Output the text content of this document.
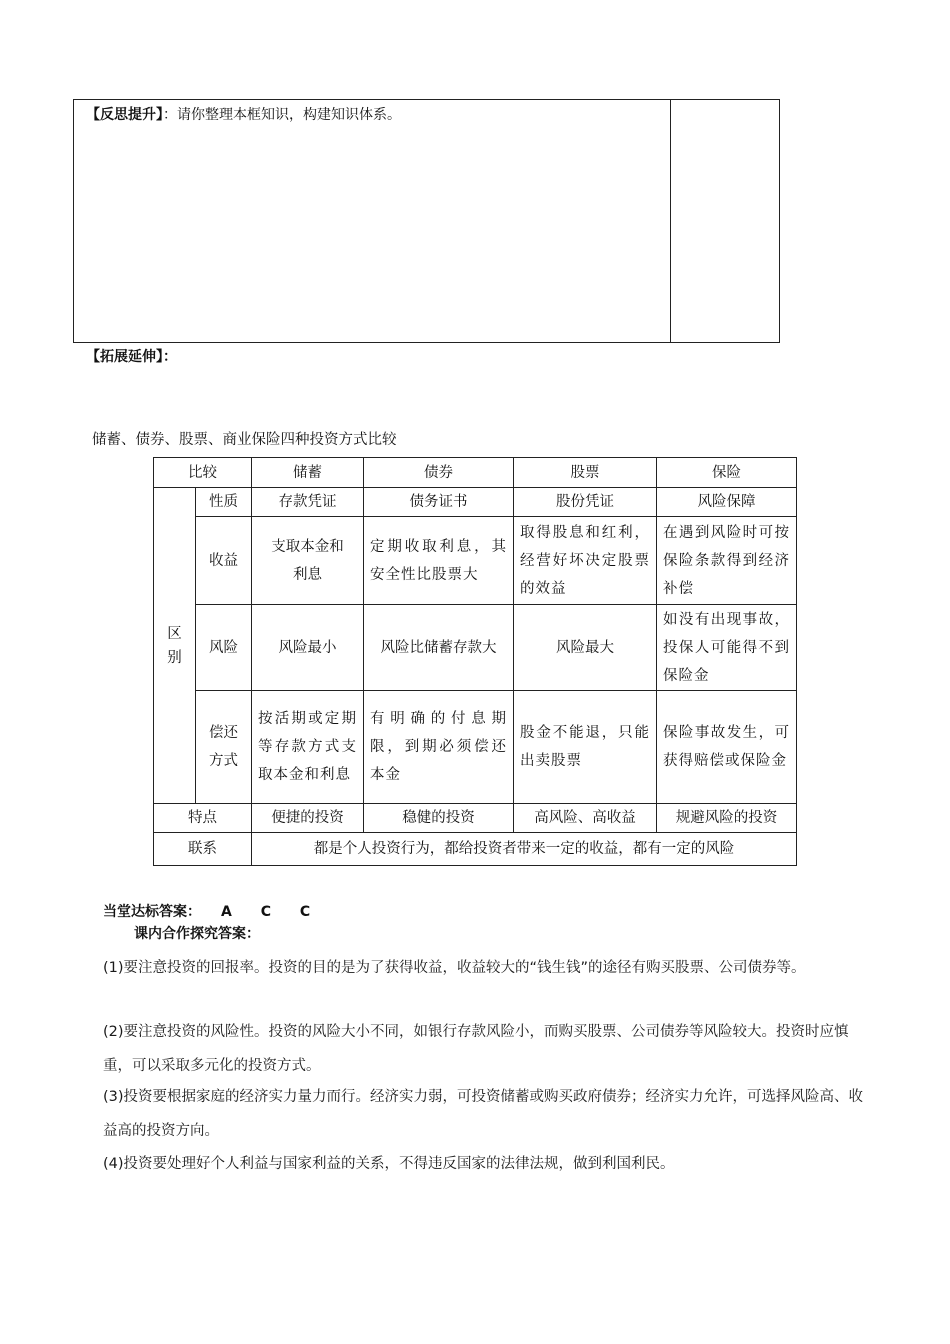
【反思提升】：请你整理本框知识，构建知识体系。
【拓展延伸】：
储蓄、债券、股票、商业保险四种投资方式比较
比较		储蓄	债券	股票	保险
区
别	性质	存款凭证	债务证书	股份凭证	风险保障
	收益	支取本金和利息	定期收取利息，其安全性比股票大	取得股息和红利，经营好坏决定股票的效益	在遇到风险时可按保险条款得到经济补偿
	风险	风险最小	风险比储蓄存款大	风险最大	如没有出现事故，投保人可能得不到保险金
	偿还方式	按活期或定期等存款方式支取本金和利息	有明确的付息期限，到期必须偿还本金	股金不能退，只能出卖股票	保险事故发生，可获得赔偿或保险金
特点		便捷的投资	稳健的投资	高风险、高收益	规避风险的投资
联系		都是个人投资行为，都给投资者带来一定的收益，都有一定的风险			
当堂达标答案： A C C
课内合作探究答案：
(1)要注意投资的回报率。投资的目的是为了获得收益，收益较大的“钱生钱”的途径有购买股票、公司债券等。
(2)要注意投资的风险性。投资的风险大小不同，如银行存款风险小，而购买股票、公司债券等风险较大。投资时应慎重，可以采取多元化的投资方式。
(3)投资要根据家庭的经济实力量力而行。经济实力弱，可投资储蓄或购买政府债券；经济实力允许，可选择风险高、收益高的投资方向。
(4)投资要处理好个人利益与国家利益的关系，不得违反国家的法律法规，做到利国利民。
